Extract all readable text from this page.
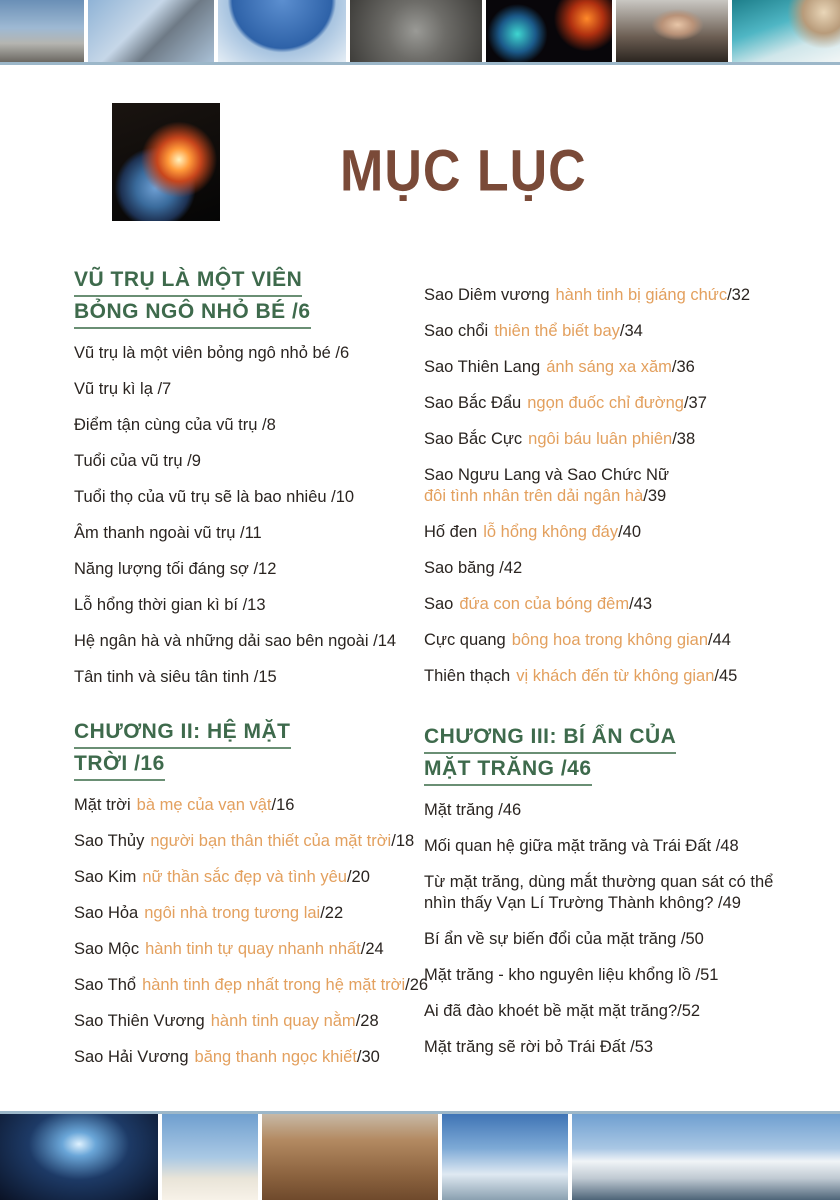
MỤC LỤC
VŨ TRỤ LÀ MỘT VIÊN
BỎNG NGÔ NHỎ BÉ /6
Vũ trụ là một viên bỏng ngô nhỏ bé /6
Vũ trụ kì lạ /7
Điểm tận cùng của vũ trụ /8
Tuổi của vũ trụ /9
Tuổi thọ của vũ trụ sẽ là bao nhiêu /10
Âm thanh ngoài vũ trụ /11
Năng lượng tối đáng sợ /12
Lỗ hổng thời gian kì bí /13
Hệ ngân hà và những dải sao bên ngoài /14
Tân tinh và siêu tân tinh /15
CHƯƠNG II: HỆ MẶT
TRỜI /16
Mặt trời bà mẹ của vạn vật/16
Sao Thủy người bạn thân thiết của mặt trời/18
Sao Kim nữ thần sắc đẹp và tình yêu/20
Sao Hỏa ngôi nhà trong tương lai/22
Sao Mộc hành tinh tự quay nhanh nhất/24
Sao Thổ hành tinh đẹp nhất trong hệ mặt trời/26
Sao Thiên Vương hành tinh quay nằm/28
Sao Hải Vương băng thanh ngọc khiết/30
Sao Diêm vương hành tinh bị giáng chức/32
Sao chổi thiên thể biết bay/34
Sao Thiên Lang ánh sáng xa xăm/36
Sao Bắc Đẩu ngọn đuốc chỉ đường/37
Sao Bắc Cực ngôi báu luân phiên/38
Sao Ngưu Lang và Sao Chức Nữ
đôi tình nhân trên dải ngân hà/39
Hố đen lỗ hổng không đáy/40
Sao băng /42
Sao đứa con của bóng đêm/43
Cực quang bông hoa trong không gian/44
Thiên thạch vị khách đến từ không gian/45
CHƯƠNG III: BÍ ẨN CỦA
MẶT TRĂNG /46
Mặt trăng /46
Mối quan hệ giữa mặt trăng và Trái Đất /48
Từ mặt trăng, dùng mắt thường quan sát có thể
nhìn thấy Vạn Lí Trường Thành không? /49
Bí ẩn về sự biến đổi của mặt trăng /50
Mặt trăng - kho nguyên liệu khổng lồ /51
Ai đã đào khoét bề mặt mặt trăng?/52
Mặt trăng sẽ rời bỏ Trái Đất /53
